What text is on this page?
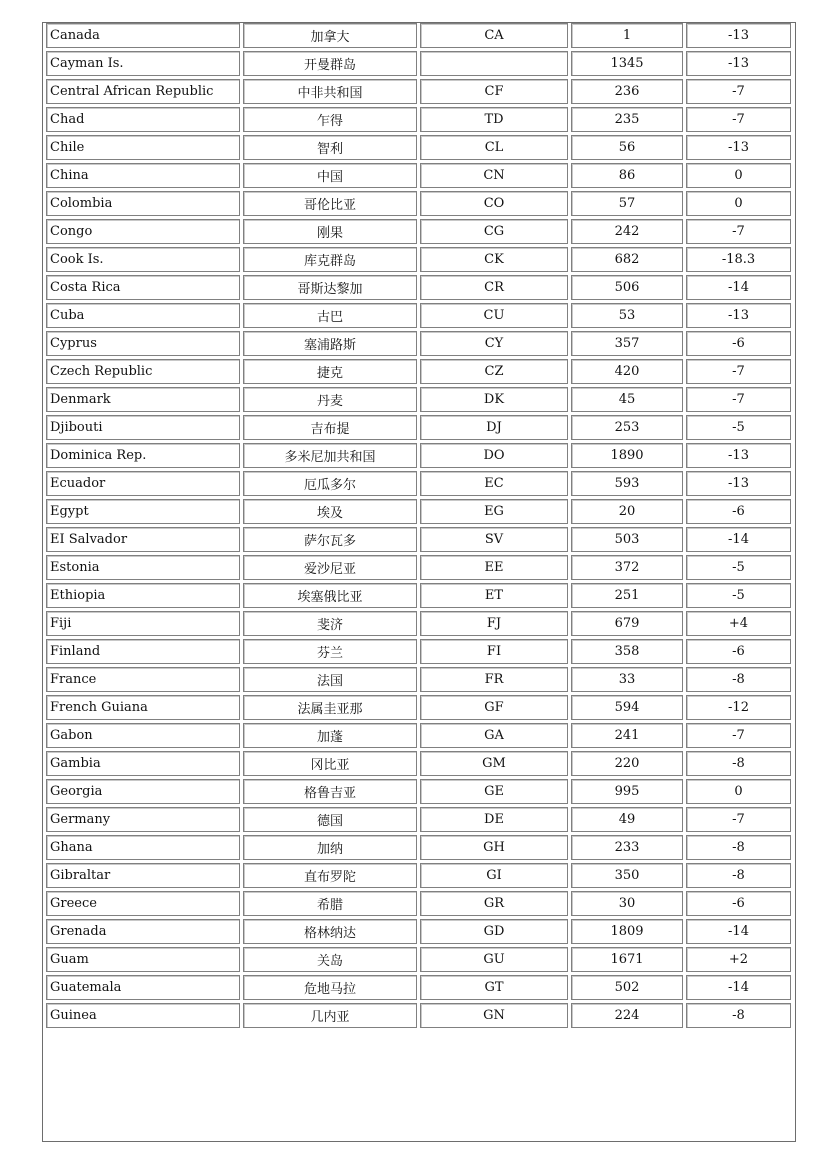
Canada	加拿大	CA	1	-13
Cayman Is.	开曼群岛		1345	-13
Central African Republic	中非共和国	CF	236	-7
Chad	乍得	TD	235	-7
Chile	智利	CL	56	-13
China	中国	CN	86	0
Colombia	哥伦比亚	CO	57	0
Congo	刚果	CG	242	-7
Cook Is.	库克群岛	CK	682	-18.3
Costa Rica	哥斯达黎加	CR	506	-14
Cuba	古巴	CU	53	-13
Cyprus	塞浦路斯	CY	357	-6
Czech Republic	捷克	CZ	420	-7
Denmark	丹麦	DK	45	-7
Djibouti	吉布提	DJ	253	-5
Dominica Rep.	多米尼加共和国	DO	1890	-13
Ecuador	厄瓜多尔	EC	593	-13
Egypt	埃及	EG	20	-6
EI Salvador	萨尔瓦多	SV	503	-14
Estonia	爱沙尼亚	EE	372	-5
Ethiopia	埃塞俄比亚	ET	251	-5
Fiji	斐济	FJ	679	+4
Finland	芬兰	FI	358	-6
France	法国	FR	33	-8
French Guiana	法属圭亚那	GF	594	-12
Gabon	加蓬	GA	241	-7
Gambia	冈比亚	GM	220	-8
Georgia	格鲁吉亚	GE	995	0
Germany	德国	DE	49	-7
Ghana	加纳	GH	233	-8
Gibraltar	直布罗陀	GI	350	-8
Greece	希腊	GR	30	-6
Grenada	格林纳达	GD	1809	-14
Guam	关岛	GU	1671	+2
Guatemala	危地马拉	GT	502	-14
Guinea	几内亚	GN	224	-8
